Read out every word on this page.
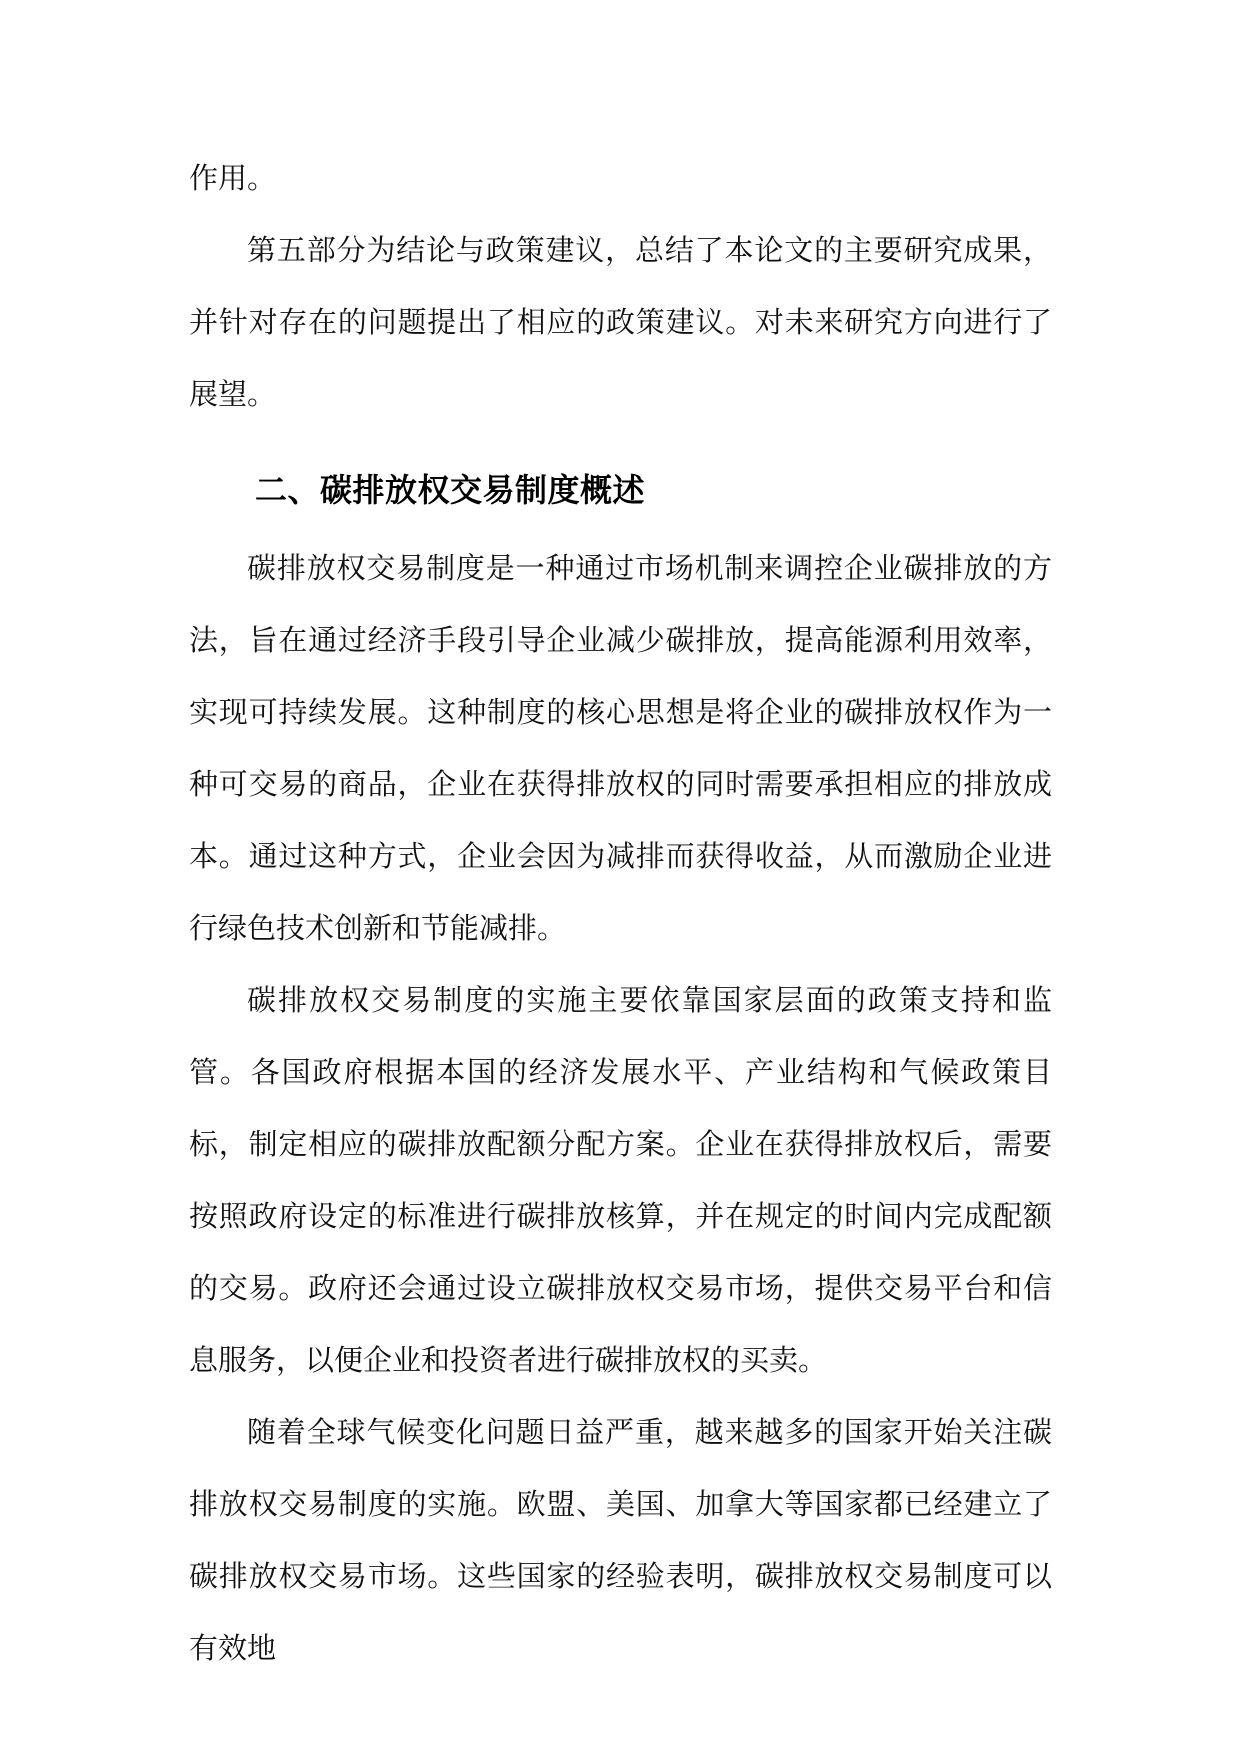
作用。

第五部分为结论与政策建议，总结了本论文的主要研究成果，并针对存在的问题提出了相应的政策建议。对未来研究方向进行了展望。

二、碳排放权交易制度概述

碳排放权交易制度是一种通过市场机制来调控企业碳排放的方法，旨在通过经济手段引导企业减少碳排放，提高能源利用效率，实现可持续发展。这种制度的核心思想是将企业的碳排放权作为一种可交易的商品，企业在获得排放权的同时需要承担相应的排放成本。通过这种方式，企业会因为减排而获得收益，从而激励企业进行绿色技术创新和节能减排。

碳排放权交易制度的实施主要依靠国家层面的政策支持和监管。各国政府根据本国的经济发展水平、产业结构和气候政策目标，制定相应的碳排放配额分配方案。企业在获得排放权后，需要按照政府设定的标准进行碳排放核算，并在规定的时间内完成配额的交易。政府还会通过设立碳排放权交易市场，提供交易平台和信息服务，以便企业和投资者进行碳排放权的买卖。

随着全球气候变化问题日益严重，越来越多的国家开始关注碳排放权交易制度的实施。欧盟、美国、加拿大等国家都已经建立了碳排放权交易市场。这些国家的经验表明，碳排放权交易制度可以有效地
